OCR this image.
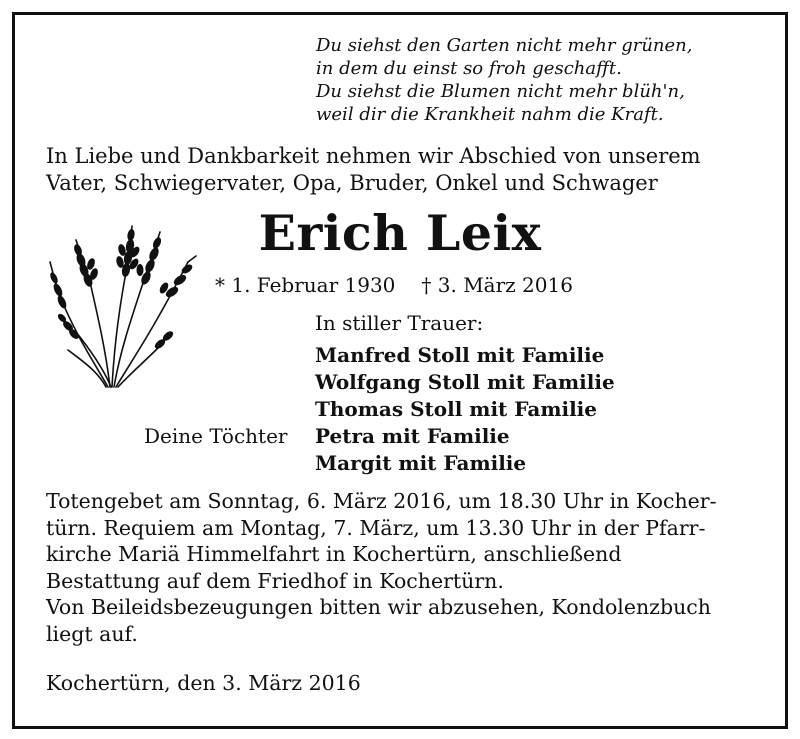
Du siehst den Garten nicht mehr grünen,
in dem du einst so froh geschafft.
Du siehst die Blumen nicht mehr blüh'n,
weil dir die Krankheit nahm die Kraft.
In Liebe und Dankbarkeit nehmen wir Abschied von unserem
Vater, Schwiegervater, Opa, Bruder, Onkel und Schwager
Erich Leix
* 1. Februar 1930 † 3. März 2016
In stiller Trauer:
Manfred Stoll mit Familie
Wolfgang Stoll mit Familie
Thomas Stoll mit Familie
Petra mit Familie
Margit mit Familie
Deine Töchter
Totengebet am Sonntag, 6. März 2016, um 18.30 Uhr in Kocher-
türn. Requiem am Montag, 7. März, um 13.30 Uhr in der Pfarr-
kirche Mariä Himmelfahrt in Kochertürn, anschließend
Bestattung auf dem Friedhof in Kochertürn.
Von Beileidsbezeugungen bitten wir abzusehen, Kondolenzbuch
liegt auf.
Kochertürn, den 3. März 2016
